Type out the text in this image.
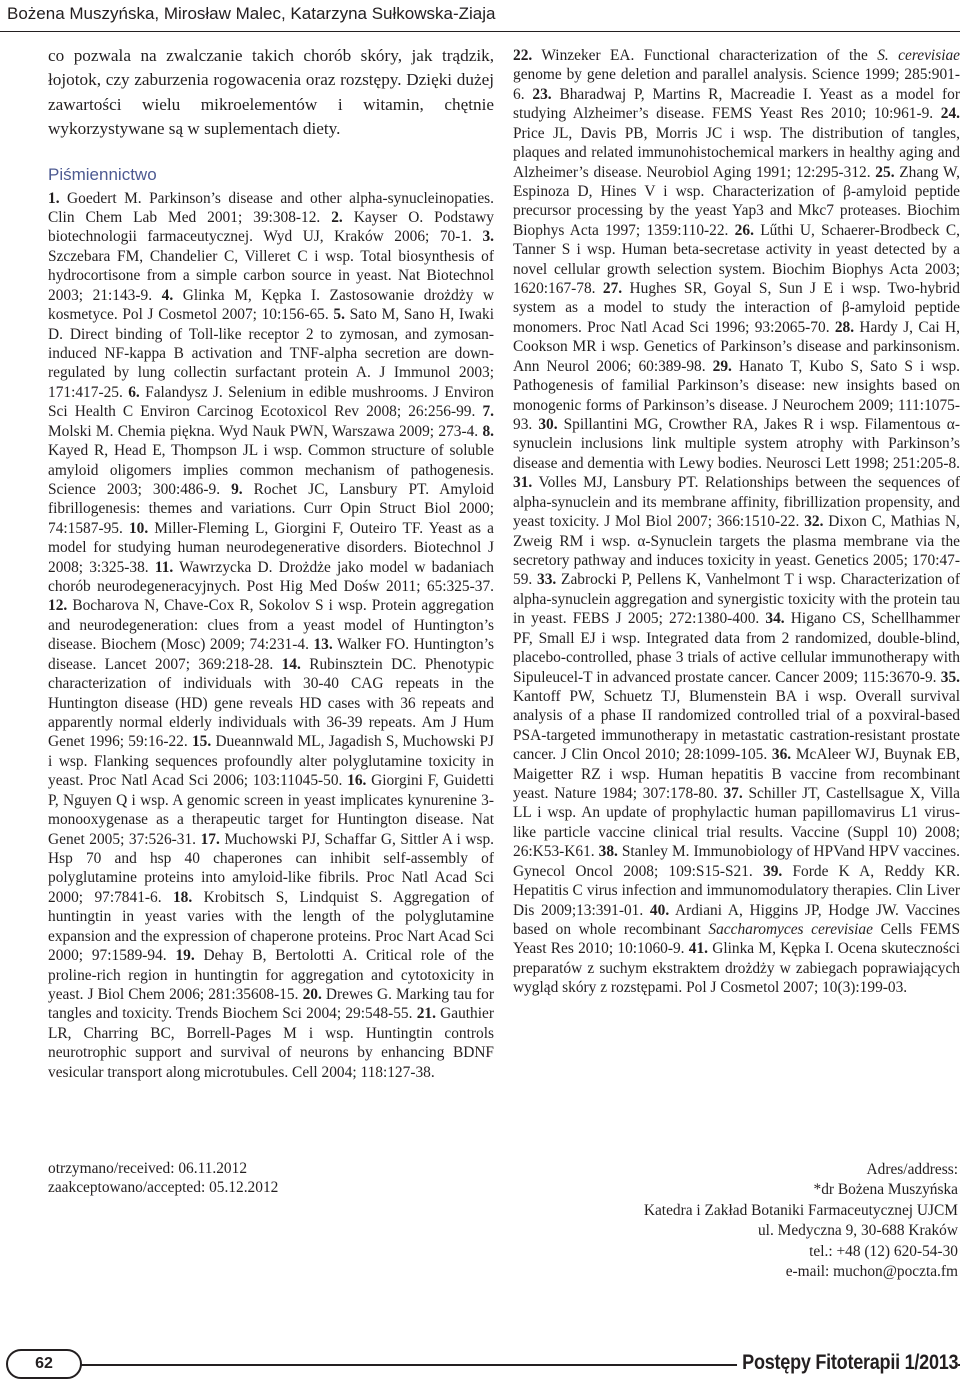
Bożena Muszyńska, Mirosław Malec, Katarzyna Sułkowska-Ziaja

co pozwala na zwalczanie takich chorób skóry, jak trądzik, łojotok, czy zaburzenia rogowacenia oraz rozstępy. Dzięki dużej zawartości wielu mikroelementów i witamin, chętnie wykorzystywane są w suplementach diety.

Piśmiennictwo

1. Goedert M. Parkinson’s disease and other alpha-synucleinopaties. Clin Chem Lab Med 2001; 39:308-12. 2. Kayser O. Podstawy biotechnologii farmaceutycznej. Wyd UJ, Kraków 2006; 70-1. 3. Szczebara FM, Chandelier C, Villeret C i wsp. Total biosynthesis of hydrocortisone from a simple carbon source in yeast. Nat Biotechnol 2003; 21:143-9. 4. Glinka M, Kępka I. Zastosowanie drożdży w kosmetyce. Pol J Cosmetol 2007; 10:156-65. 5. Sato M, Sano H, Iwaki D. Direct binding of Toll-like receptor 2 to zymosan, and zymosan-induced NF-kappa B activation and TNF-alpha secretion are down-regulated by lung collectin surfactant protein A. J Immunol 2003; 171:417-25. 6. Falandysz J. Selenium in edible mushrooms. J Environ Sci Health C Environ Carcinog Ecotoxicol Rev 2008; 26:256-99. 7. Molski M. Chemia piękna. Wyd Nauk PWN, Warszawa 2009; 273-4. 8. Kayed R, Head E, Thompson JL i wsp. Common structure of soluble amyloid oligomers implies common mechanism of pathogenesis. Science 2003; 300:486-9. 9. Rochet JC, Lansbury PT. Amyloid fibrillogenesis: themes and variations. Curr Opin Struct Biol 2000; 74:1587-95. 10. Miller-Fleming L, Giorgini F, Outeiro TF. Yeast as a model for studying human neurodegenerative disorders. Biotechnol J 2008; 3:325-38. 11. Wawrzycka D. Drożdże jako model w badaniach chorób neurodegeneracyjnych. Post Hig Med Dośw 2011; 65:325-37. 12. Bocharova N, Chave-Cox R, Sokolov S i wsp. Protein aggregation and neurodegeneration: clues from a yeast model of Huntington’s disease. Biochem (Mosc) 2009; 74:231-4. 13. Walker FO. Huntington’s disease. Lancet 2007; 369:218-28. 14. Rubinsztein DC. Phenotypic characterization of individuals with 30-40 CAG repeats in the Huntington disease (HD) gene reveals HD cases with 36 repeats and apparently normal elderly individuals with 36-39 repeats. Am J Hum Genet 1996; 59:16-22. 15. Dueannwald ML, Jagadish S, Muchowski PJ i wsp. Flanking sequences profoundly alter polyglutamine toxicity in yeast. Proc Natl Acad Sci 2006; 103:11045-50. 16. Giorgini F, Guidetti P, Nguyen Q i wsp. A genomic screen in yeast implicates kynurenine 3-monooxygenase as a therapeutic target for Huntington disease. Nat Genet 2005; 37:526-31. 17. Muchowski PJ, Schaffar G, Sittler A i wsp. Hsp 70 and hsp 40 chaperones can inhibit self-assembly of polyglutamine proteins into amyloid-like fibrils. Proc Natl Acad Sci 2000; 97:7841-6. 18. Krobitsch S, Lindquist S. Aggregation of huntingtin in yeast varies with the length of the polyglutamine expansion and the expression of chaperone proteins. Proc Nart Acad Sci 2000; 97:1589-94. 19. Dehay B, Bertolotti A. Critical role of the proline-rich region in huntingtin for aggregation and cytotoxicity in yeast. J Biol Chem 2006; 281:35608-15. 20. Drewes G. Marking tau for tangles and toxicity. Trends Biochem Sci 2004; 29:548-55. 21. Gauthier LR, Charring BC, Borrell-Pages M i wsp. Huntingtin controls neurotrophic support and survival of neurons by enhancing BDNF vesicular transport along microtubules. Cell 2004; 118:127-38.

22. Winzeker EA. Functional characterization of the S. cerevisiae genome by gene deletion and parallel analysis. Science 1999; 285:901-6. 23. Bharadwaj P, Martins R, Macreadie I. Yeast as a model for studying Alzheimer’s disease. FEMS Yeast Res 2010; 10:961-9. 24. Price JL, Davis PB, Morris JC i wsp. The distribution of tangles, plaques and related immunohistochemical markers in healthy aging and Alzheimer’s disease. Neurobiol Aging 1991; 12:295-312. 25. Zhang W, Espinoza D, Hines V i wsp. Characterization of β-amyloid peptide precursor processing by the yeast Yap3 and Mkc7 proteases. Biochim Biophys Acta 1997; 1359:110-22. 26. Lűthi U, Schaerer-Brodbeck C, Tanner S i wsp. Human beta-secretase activity in yeast detected by a novel cellular growth selection system. Biochim Biophys Acta 2003; 1620:167-78. 27. Hughes SR, Goyal S, Sun J E i wsp. Two-hybrid system as a model to study the interaction of β-amyloid peptide monomers. Proc Natl Acad Sci 1996; 93:2065-70. 28. Hardy J, Cai H, Cookson MR i wsp. Genetics of Parkinson’s disease and parkinsonism. Ann Neurol 2006; 60:389-98. 29. Hanato T, Kubo S, Sato S i wsp. Pathogenesis of familial Parkinson’s disease: new insights based on monogenic forms of Parkinson’s disease. J Neurochem 2009; 111:1075-93. 30. Spillantini MG, Crowther RA, Jakes R i wsp. Filamentous α-synuclein inclusions link multiple system atrophy with Parkinson’s disease and dementia with Lewy bodies. Neurosci Lett 1998; 251:205-8. 31. Volles MJ, Lansbury PT. Relationships between the sequences of alpha-synuclein and its membrane affinity, fibrillization propensity, and yeast toxicity. J Mol Biol 2007; 366:1510-22. 32. Dixon C, Mathias N, Zweig RM i wsp. α-Synuclein targets the plasma membrane via the secretory pathway and induces toxicity in yeast. Genetics 2005; 170:47-59. 33. Zabrocki P, Pellens K, Vanhelmont T i wsp. Characterization of alpha-synuclein aggregation and synergistic toxicity with the protein tau in yeast. FEBS J 2005; 272:1380-400. 34. Higano CS, Schellhammer PF, Small EJ i wsp. Integrated data from 2 randomized, double-blind, placebo-controlled, phase 3 trials of active cellular immunotherapy with Sipuleucel-T in advanced prostate cancer. Cancer 2009; 115:3670-9. 35. Kantoff PW, Schuetz TJ, Blumenstein BA i wsp. Overall survival analysis of a phase II randomized controlled trial of a poxviral-based PSA-targeted immunotherapy in metastatic castration-resistant prostate cancer. J Clin Oncol 2010; 28:1099-105. 36. McAleer WJ, Buynak EB, Maigetter RZ i wsp. Human hepatitis B vaccine from recombinant yeast. Nature 1984; 307:178-80. 37. Schiller JT, Castellsague X, Villa LL i wsp. An update of prophylactic human papillomavirus L1 virus-like particle vaccine clinical trial results. Vaccine (Suppl 10) 2008; 26:K53-K61. 38. Stanley M. Immunobiology of HPVand HPV vaccines. Gynecol Oncol 2008; 109:S15-S21. 39. Forde K A, Reddy KR. Hepatitis C virus infection and immunomodulatory therapies. Clin Liver Dis 2009;13:391-01. 40. Ardiani A, Higgins JP, Hodge JW. Vaccines based on whole recombinant Saccharomyces cerevisiae Cells FEMS Yeast Res 2010; 10:1060-9. 41. Glinka M, Kępka I. Ocena skuteczności preparatów z suchym ekstraktem drożdży w zabiegach poprawiających wygląd skóry z rozstępami. Pol J Cosmetol 2007; 10(3):199-03.

otrzymano/received: 06.11.2012
zaakceptowano/accepted: 05.12.2012
Adres/address:
*dr Bożena Muszyńska
Katedra i Zakład Botaniki Farmaceutycznej UJCM
ul. Medyczna 9, 30-688 Kraków
tel.: +48 (12) 620-54-30
e-mail: muchon@poczta.fm
62	Postępy Fitoterapii 1/2013
